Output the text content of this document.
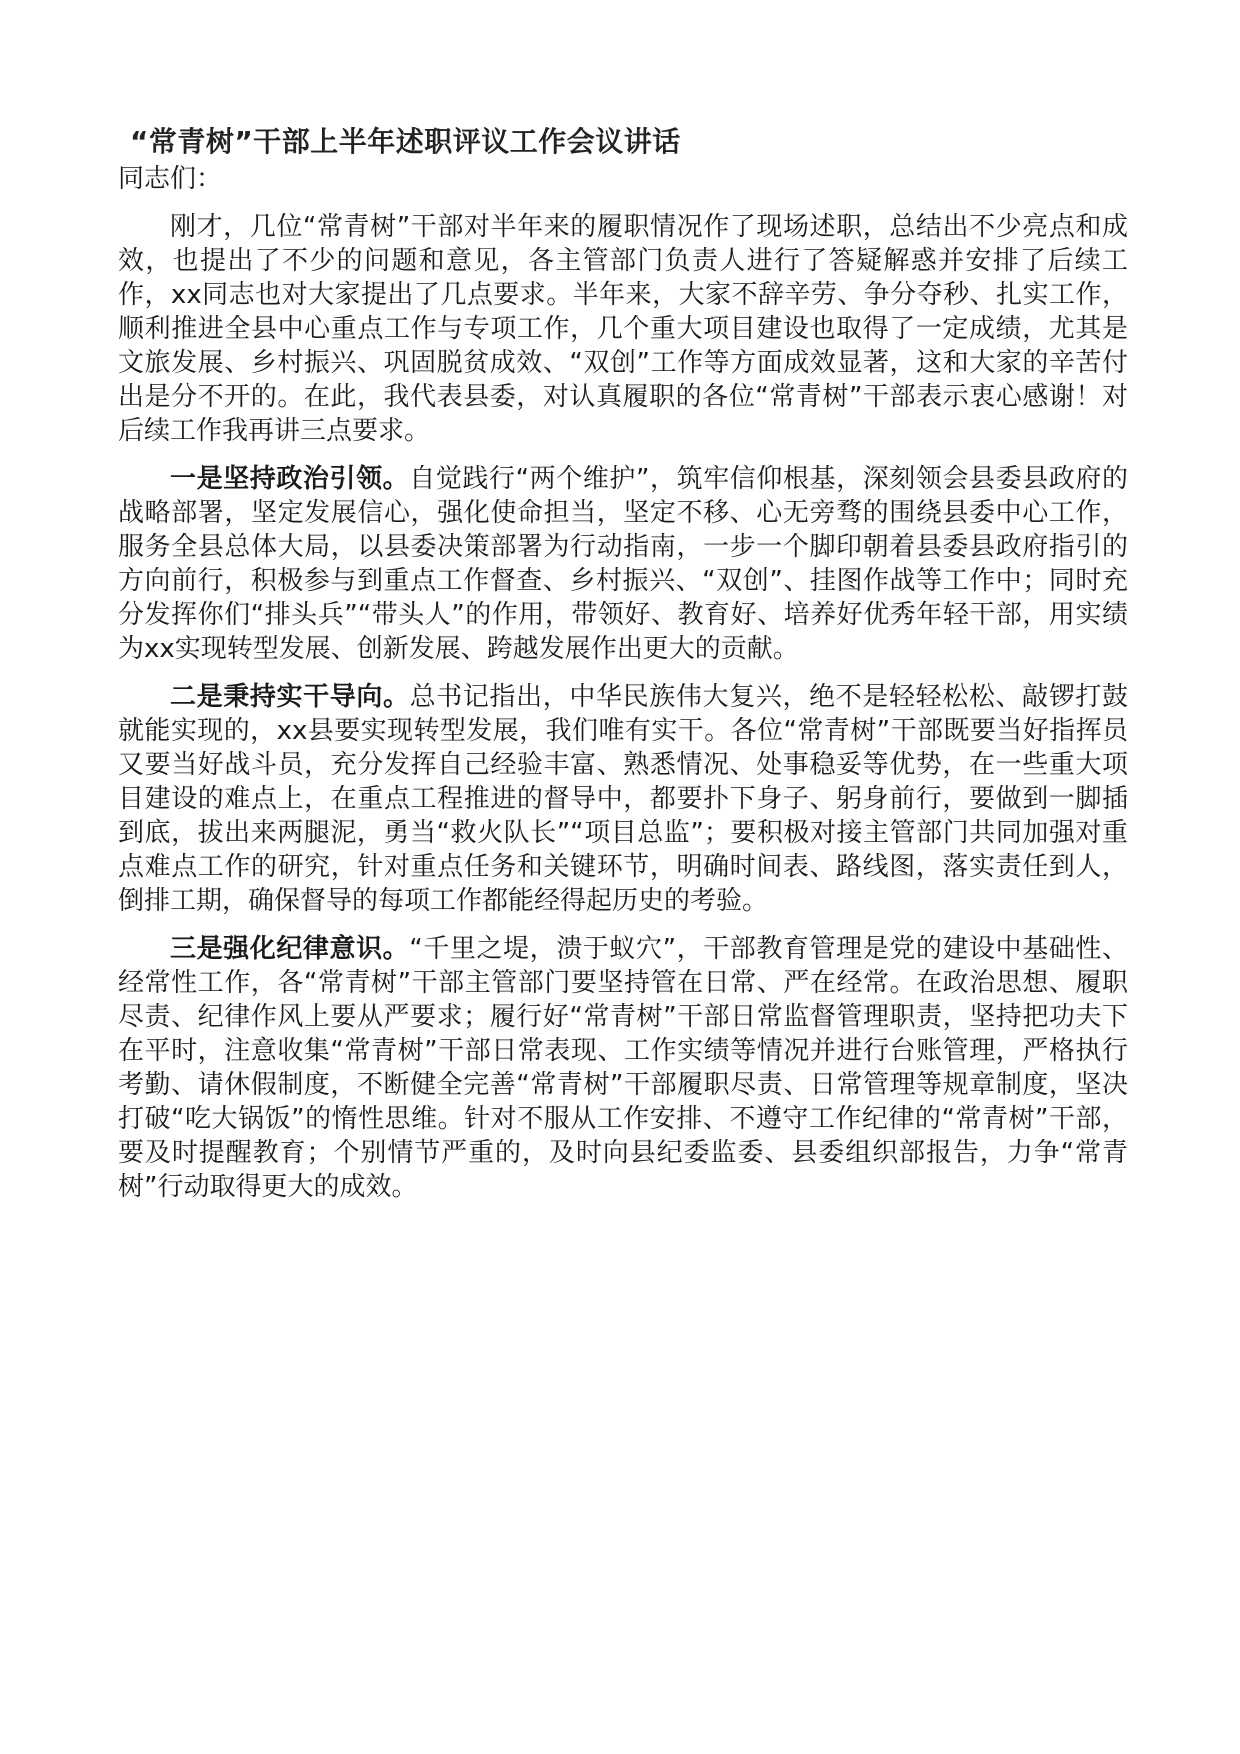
“常青树”干部上半年述职评议工作会议讲话
同志们：

刚才，几位“常青树”干部对半年来的履职情况作了现场述职，总结出不少亮点和成效，也提出了不少的问题和意见，各主管部门负责人进行了答疑解惑并安排了后续工作，xx同志也对大家提出了几点要求。半年来，大家不辞辛劳、争分夺秒、扎实工作，顺利推进全县中心重点工作与专项工作，几个重大项目建设也取得了一定成绩，尤其是文旅发展、乡村振兴、巩固脱贫成效、“双创”工作等方面成效显著，这和大家的辛苦付出是分不开的。在此，我代表县委，对认真履职的各位“常青树”干部表示衷心感谢！对后续工作我再讲三点要求。

一是坚持政治引领。自觉践行“两个维护”，筑牢信仰根基，深刻领会县委县政府的战略部署，坚定发展信心，强化使命担当，坚定不移、心无旁骛的围绕县委中心工作，服务全县总体大局，以县委决策部署为行动指南，一步一个脚印朝着县委县政府指引的方向前行，积极参与到重点工作督查、乡村振兴、“双创”、挂图作战等工作中；同时充分发挥你们“排头兵”“带头人”的作用，带领好、教育好、培养好优秀年轻干部，用实绩为xx实现转型发展、创新发展、跨越发展作出更大的贡献。

二是秉持实干导向。总书记指出，中华民族伟大复兴，绝不是轻轻松松、敲锣打鼓就能实现的，xx县要实现转型发展，我们唯有实干。各位“常青树”干部既要当好指挥员又要当好战斗员，充分发挥自己经验丰富、熟悉情况、处事稳妥等优势，在一些重大项目建设的难点上，在重点工程推进的督导中，都要扑下身子、躬身前行，要做到一脚插到底，拔出来两腿泥，勇当“救火队长”“项目总监”；要积极对接主管部门共同加强对重点难点工作的研究，针对重点任务和关键环节，明确时间表、路线图，落实责任到人，倒排工期，确保督导的每项工作都能经得起历史的考验。

三是强化纪律意识。“千里之堤，溃于蚁穴”，干部教育管理是党的建设中基础性、经常性工作，各“常青树”干部主管部门要坚持管在日常、严在经常。在政治思想、履职尽责、纪律作风上要从严要求；履行好“常青树”干部日常监督管理职责，坚持把功夫下在平时，注意收集“常青树”干部日常表现、工作实绩等情况并进行台账管理，严格执行考勤、请休假制度，不断健全完善“常青树”干部履职尽责、日常管理等规章制度，坚决打破“吃大锅饭”的惰性思维。针对不服从工作安排、不遵守工作纪律的“常青树”干部，要及时提醒教育；个别情节严重的，及时向县纪委监委、县委组织部报告，力争“常青树”行动取得更大的成效。
